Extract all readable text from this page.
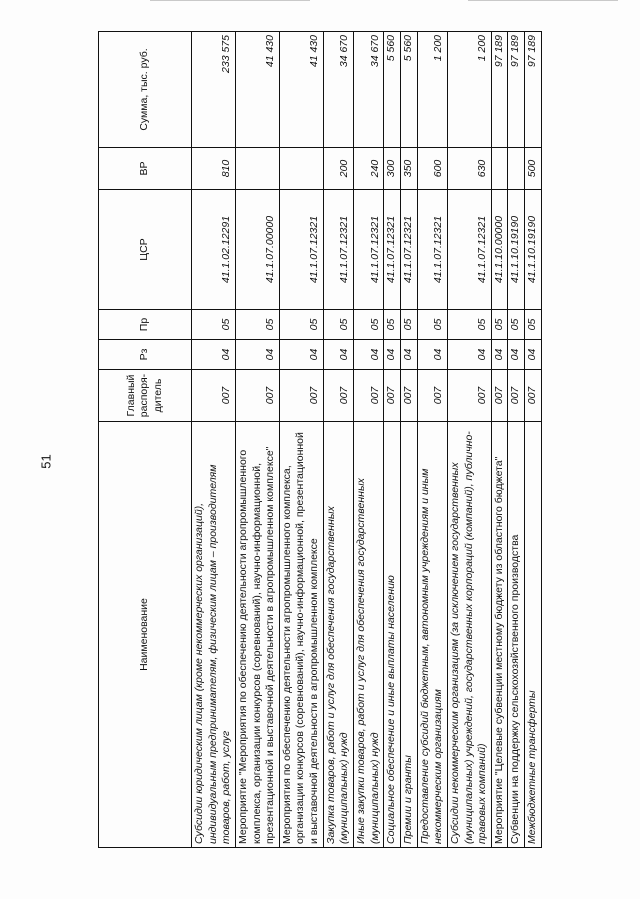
51
Наименование	Главный распоря-дитель	Рз	Пр	ЦСР	ВР	Сумма, тыс. руб.
Субсидии юридическим лицам (кроме некоммерческих организаций), индивидуальным предпринимателям, физическим лицам – производителям товаров, работ, услуг	007	04	05	41.1.02.12291	810	233 575
Мероприятие "Мероприятия по обеспечению деятельности агропромышленного комплекса, организации конкурсов (соревнований), научно-информационной, презентационной и выставочной деятельности в агропромышленном комплексе"	007	04	05	41.1.07.00000		41 430
Мероприятия по обеспечению деятельности агропромышленного комплекса, организации конкурсов (соревнований), научно-информационной, презентационной и выставочной деятельности в агропромышленном комплексе	007	04	05	41.1.07.12321		41 430
Закупка товаров, работ и услуг для обеспечения государственных (муниципальных) нужд	007	04	05	41.1.07.12321	200	34 670
Иные закупки товаров, работ и услуг для обеспечения государственных (муниципальных) нужд	007	04	05	41.1.07.12321	240	34 670
Социальное обеспечение и иные выплаты населению	007	04	05	41.1.07.12321	300	5 560
Премии и гранты	007	04	05	41.1.07.12321	350	5 560
Предоставление субсидий бюджетным, автономным учреждениям и иным некоммерческим организациям	007	04	05	41.1.07.12321	600	1 200
Субсидии некоммерческим организациям (за исключением государственных (муниципальных) учреждений, государственных корпораций (компаний), публично-правовых компаний)	007	04	05	41.1.07.12321	630	1 200
Мероприятие "Целевые субвенции местному бюджету из областного бюджета"	007	04	05	41.1.10.00000		97 189
Субвенции на поддержку сельскохозяйственного производства	007	04	05	41.1.10.19190		97 189
Межбюджетные трансферты	007	04	05	41.1.10.19190	500	97 189
